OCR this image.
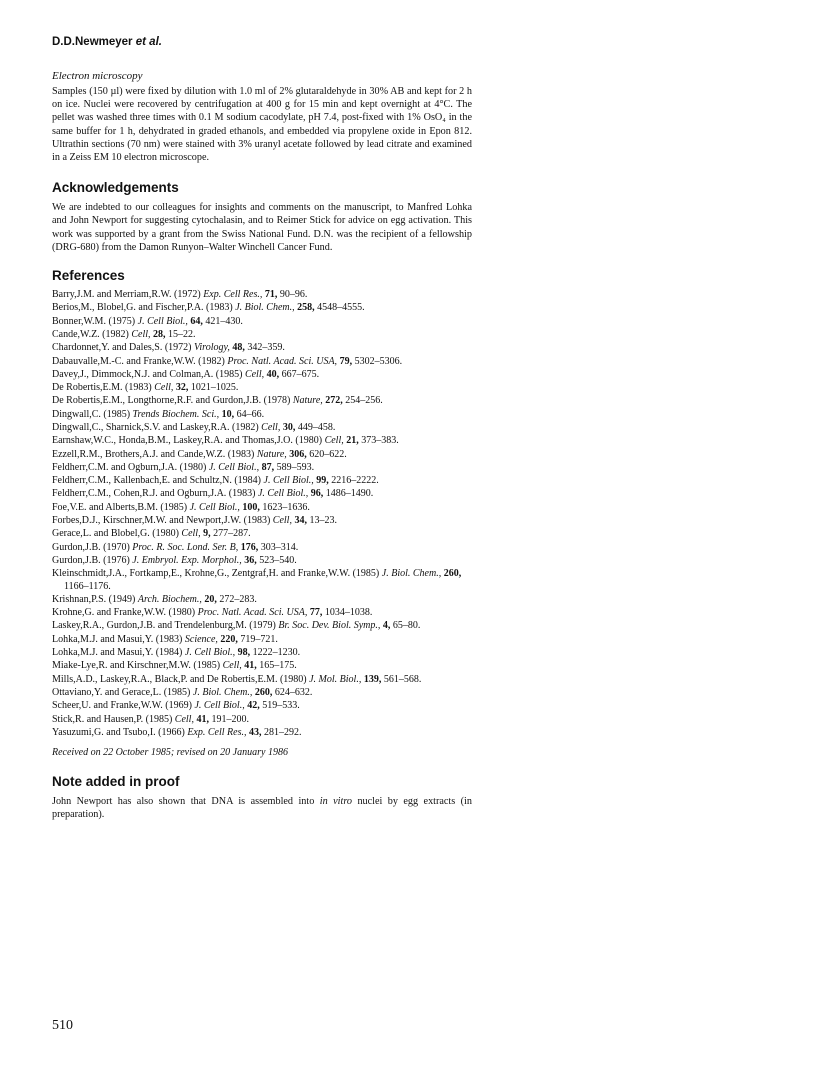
D.D.Newmeyer et al.

Electron microscopy

Samples (150 µl) were fixed by dilution with 1.0 ml of 2% glutaraldehyde in 30% AB and kept for 2 h on ice. Nuclei were recovered by centrifugation at 400 g for 15 min and kept overnight at 4°C. The pellet was washed three times with 0.1 M sodium cacodylate, pH 7.4, post-fixed with 1% OsO₄ in the same buffer for 1 h, dehydrated in graded ethanols, and embedded via propylene oxide in Epon 812. Ultrathin sections (70 nm) were stained with 3% uranyl acetate followed by lead citrate and examined in a Zeiss EM 10 electron microscope.

Acknowledgements

We are indebted to our colleagues for insights and comments on the manuscript, to Manfred Lohka and John Newport for suggesting cytochalasin, and to Reimer Stick for advice on egg activation. This work was supported by a grant from the Swiss National Fund. D.N. was the recipient of a fellowship (DRG-680) from the Damon Runyon–Walter Winchell Cancer Fund.

References
Barry,J.M. and Merriam,R.W. (1972) Exp. Cell Res., 71, 90–96.
Berios,M., Blobel,G. and Fischer,P.A. (1983) J. Biol. Chem., 258, 4548–4555.
Bonner,W.M. (1975) J. Cell Biol., 64, 421–430.
Cande,W.Z. (1982) Cell, 28, 15–22.
Chardonnet,Y. and Dales,S. (1972) Virology, 48, 342–359.
Dabauvalle,M.-C. and Franke,W.W. (1982) Proc. Natl. Acad. Sci. USA, 79, 5302–5306.
Davey,J., Dimmock,N.J. and Colman,A. (1985) Cell, 40, 667–675.
De Robertis,E.M. (1983) Cell, 32, 1021–1025.
De Robertis,E.M., Longthorne,R.F. and Gurdon,J.B. (1978) Nature, 272, 254–256.
Dingwall,C. (1985) Trends Biochem. Sci., 10, 64–66.
Dingwall,C., Sharnick,S.V. and Laskey,R.A. (1982) Cell, 30, 449–458.
Earnshaw,W.C., Honda,B.M., Laskey,R.A. and Thomas,J.O. (1980) Cell, 21, 373–383.
Ezzell,R.M., Brothers,A.J. and Cande,W.Z. (1983) Nature, 306, 620–622.
Feldherr,C.M. and Ogburn,J.A. (1980) J. Cell Biol., 87, 589–593.
Feldherr,C.M., Kallenbach,E. and Schultz,N. (1984) J. Cell Biol., 99, 2216–2222.
Feldherr,C.M., Cohen,R.J. and Ogburn,J.A. (1983) J. Cell Biol., 96, 1486–1490.
Foe,V.E. and Alberts,B.M. (1985) J. Cell Biol., 100, 1623–1636.
Forbes,D.J., Kirschner,M.W. and Newport,J.W. (1983) Cell, 34, 13–23.
Gerace,L. and Blobel,G. (1980) Cell, 9, 277–287.
Gurdon,J.B. (1970) Proc. R. Soc. Lond. Ser. B, 176, 303–314.
Gurdon,J.B. (1976) J. Embryol. Exp. Morphol., 36, 523–540.
Kleinschmidt,J.A., Fortkamp,E., Krohne,G., Zentgraf,H. and Franke,W.W. (1985) J. Biol. Chem., 260, 1166–1176.
Krishnan,P.S. (1949) Arch. Biochem., 20, 272–283.
Krohne,G. and Franke,W.W. (1980) Proc. Natl. Acad. Sci. USA, 77, 1034–1038.
Laskey,R.A., Gurdon,J.B. and Trendelenburg,M. (1979) Br. Soc. Dev. Biol. Symp., 4, 65–80.
Lohka,M.J. and Masui,Y. (1983) Science, 220, 719–721.
Lohka,M.J. and Masui,Y. (1984) J. Cell Biol., 98, 1222–1230.
Miake-Lye,R. and Kirschner,M.W. (1985) Cell, 41, 165–175.
Mills,A.D., Laskey,R.A., Black,P. and De Robertis,E.M. (1980) J. Mol. Biol., 139, 561–568.
Ottaviano,Y. and Gerace,L. (1985) J. Biol. Chem., 260, 624–632.
Scheer,U. and Franke,W.W. (1969) J. Cell Biol., 42, 519–533.
Stick,R. and Hausen,P. (1985) Cell, 41, 191–200.
Yasuzumi,G. and Tsubo,I. (1966) Exp. Cell Res., 43, 281–292.

Received on 22 October 1985; revised on 20 January 1986

Note added in proof

John Newport has also shown that DNA is assembled into in vitro nuclei by egg extracts (in preparation).

510
